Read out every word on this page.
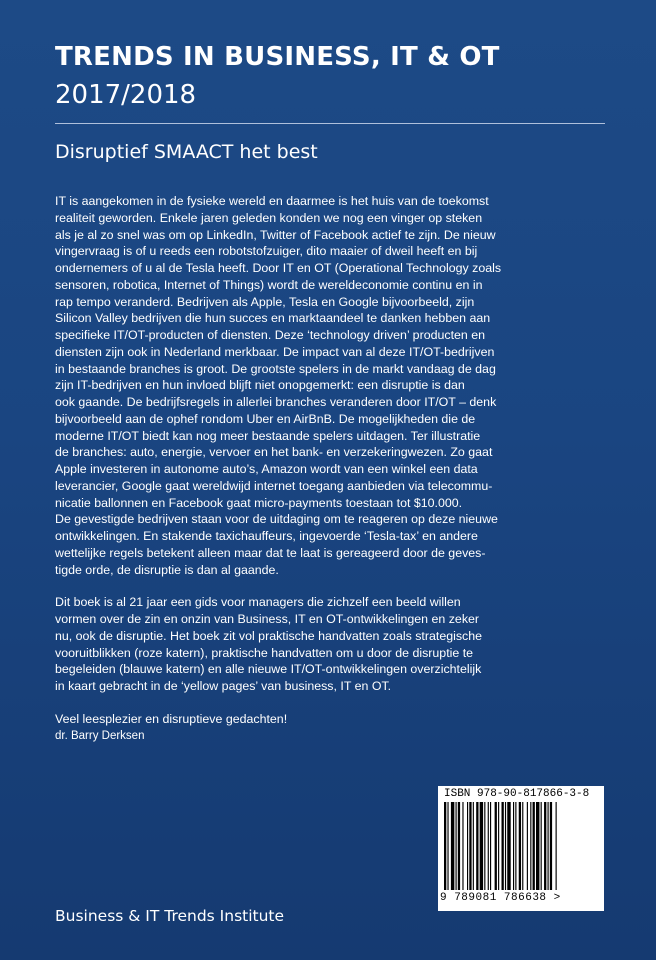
TRENDS IN BUSINESS, IT & OT
2017/2018
Disruptief SMAACT het best

IT is aangekomen in de fysieke wereld en daarmee is het huis van de toekomst
realiteit geworden. Enkele jaren geleden konden we nog een vinger op steken
als je al zo snel was om op LinkedIn, Twitter of Facebook actief te zijn. De nieuw
vingervraag is of u reeds een robotstofzuiger, dito maaier of dweil heeft en bij
ondernemers of u al de Tesla heeft. Door IT en OT (Operational Technology zoals
sensoren, robotica, Internet of Things) wordt de wereldeconomie continu en in
rap tempo veranderd. Bedrijven als Apple, Tesla en Google bijvoorbeeld, zijn
Silicon Valley bedrijven die hun succes en marktaandeel te danken hebben aan
specifieke IT/OT-producten of diensten. Deze ‘technology driven’ producten en
diensten zijn ook in Nederland merkbaar. De impact van al deze IT/OT-bedrijven
in bestaande branches is groot. De grootste spelers in de markt vandaag de dag
zijn IT-bedrijven en hun invloed blijft niet onopgemerkt: een disruptie is dan
ook gaande. De bedrijfsregels in allerlei branches veranderen door IT/OT – denk
bijvoorbeeld aan de ophef rondom Uber en AirBnB. De mogelijkheden die de
moderne IT/OT biedt kan nog meer bestaande spelers uitdagen. Ter illustratie
de branches: auto, energie, vervoer en het bank- en verzekeringwezen. Zo gaat
Apple investeren in autonome auto’s, Amazon wordt van een winkel een data
leverancier, Google gaat wereldwijd internet toegang aanbieden via telecommu-
nicatie ballonnen en Facebook gaat micro-payments toestaan tot $10.000.
De gevestigde bedrijven staan voor de uitdaging om te reageren op deze nieuwe
ontwikkelingen. En stakende taxichauffeurs, ingevoerde ‘Tesla-tax’ en andere
wettelijke regels betekent alleen maar dat te laat is gereageerd door de geves-
tigde orde, de disruptie is dan al gaande.

Dit boek is al 21 jaar een gids voor managers die zichzelf een beeld willen
vormen over de zin en onzin van Business, IT en OT-ontwikkelingen en zeker
nu, ook de disruptie. Het boek zit vol praktische handvatten zoals strategische
vooruitblikken (roze katern), praktische handvatten om u door de disruptie te
begeleiden (blauwe katern) en alle nieuwe IT/OT-ontwikkelingen overzichtelijk
in kaart gebracht in de ‘yellow pages’ van business, IT en OT.

Veel leesplezier en disruptieve gedachten!

dr. Barry Derksen

ISBN 978-90-817866-3-8
9 789081 786638 >
Business & IT Trends Institute
